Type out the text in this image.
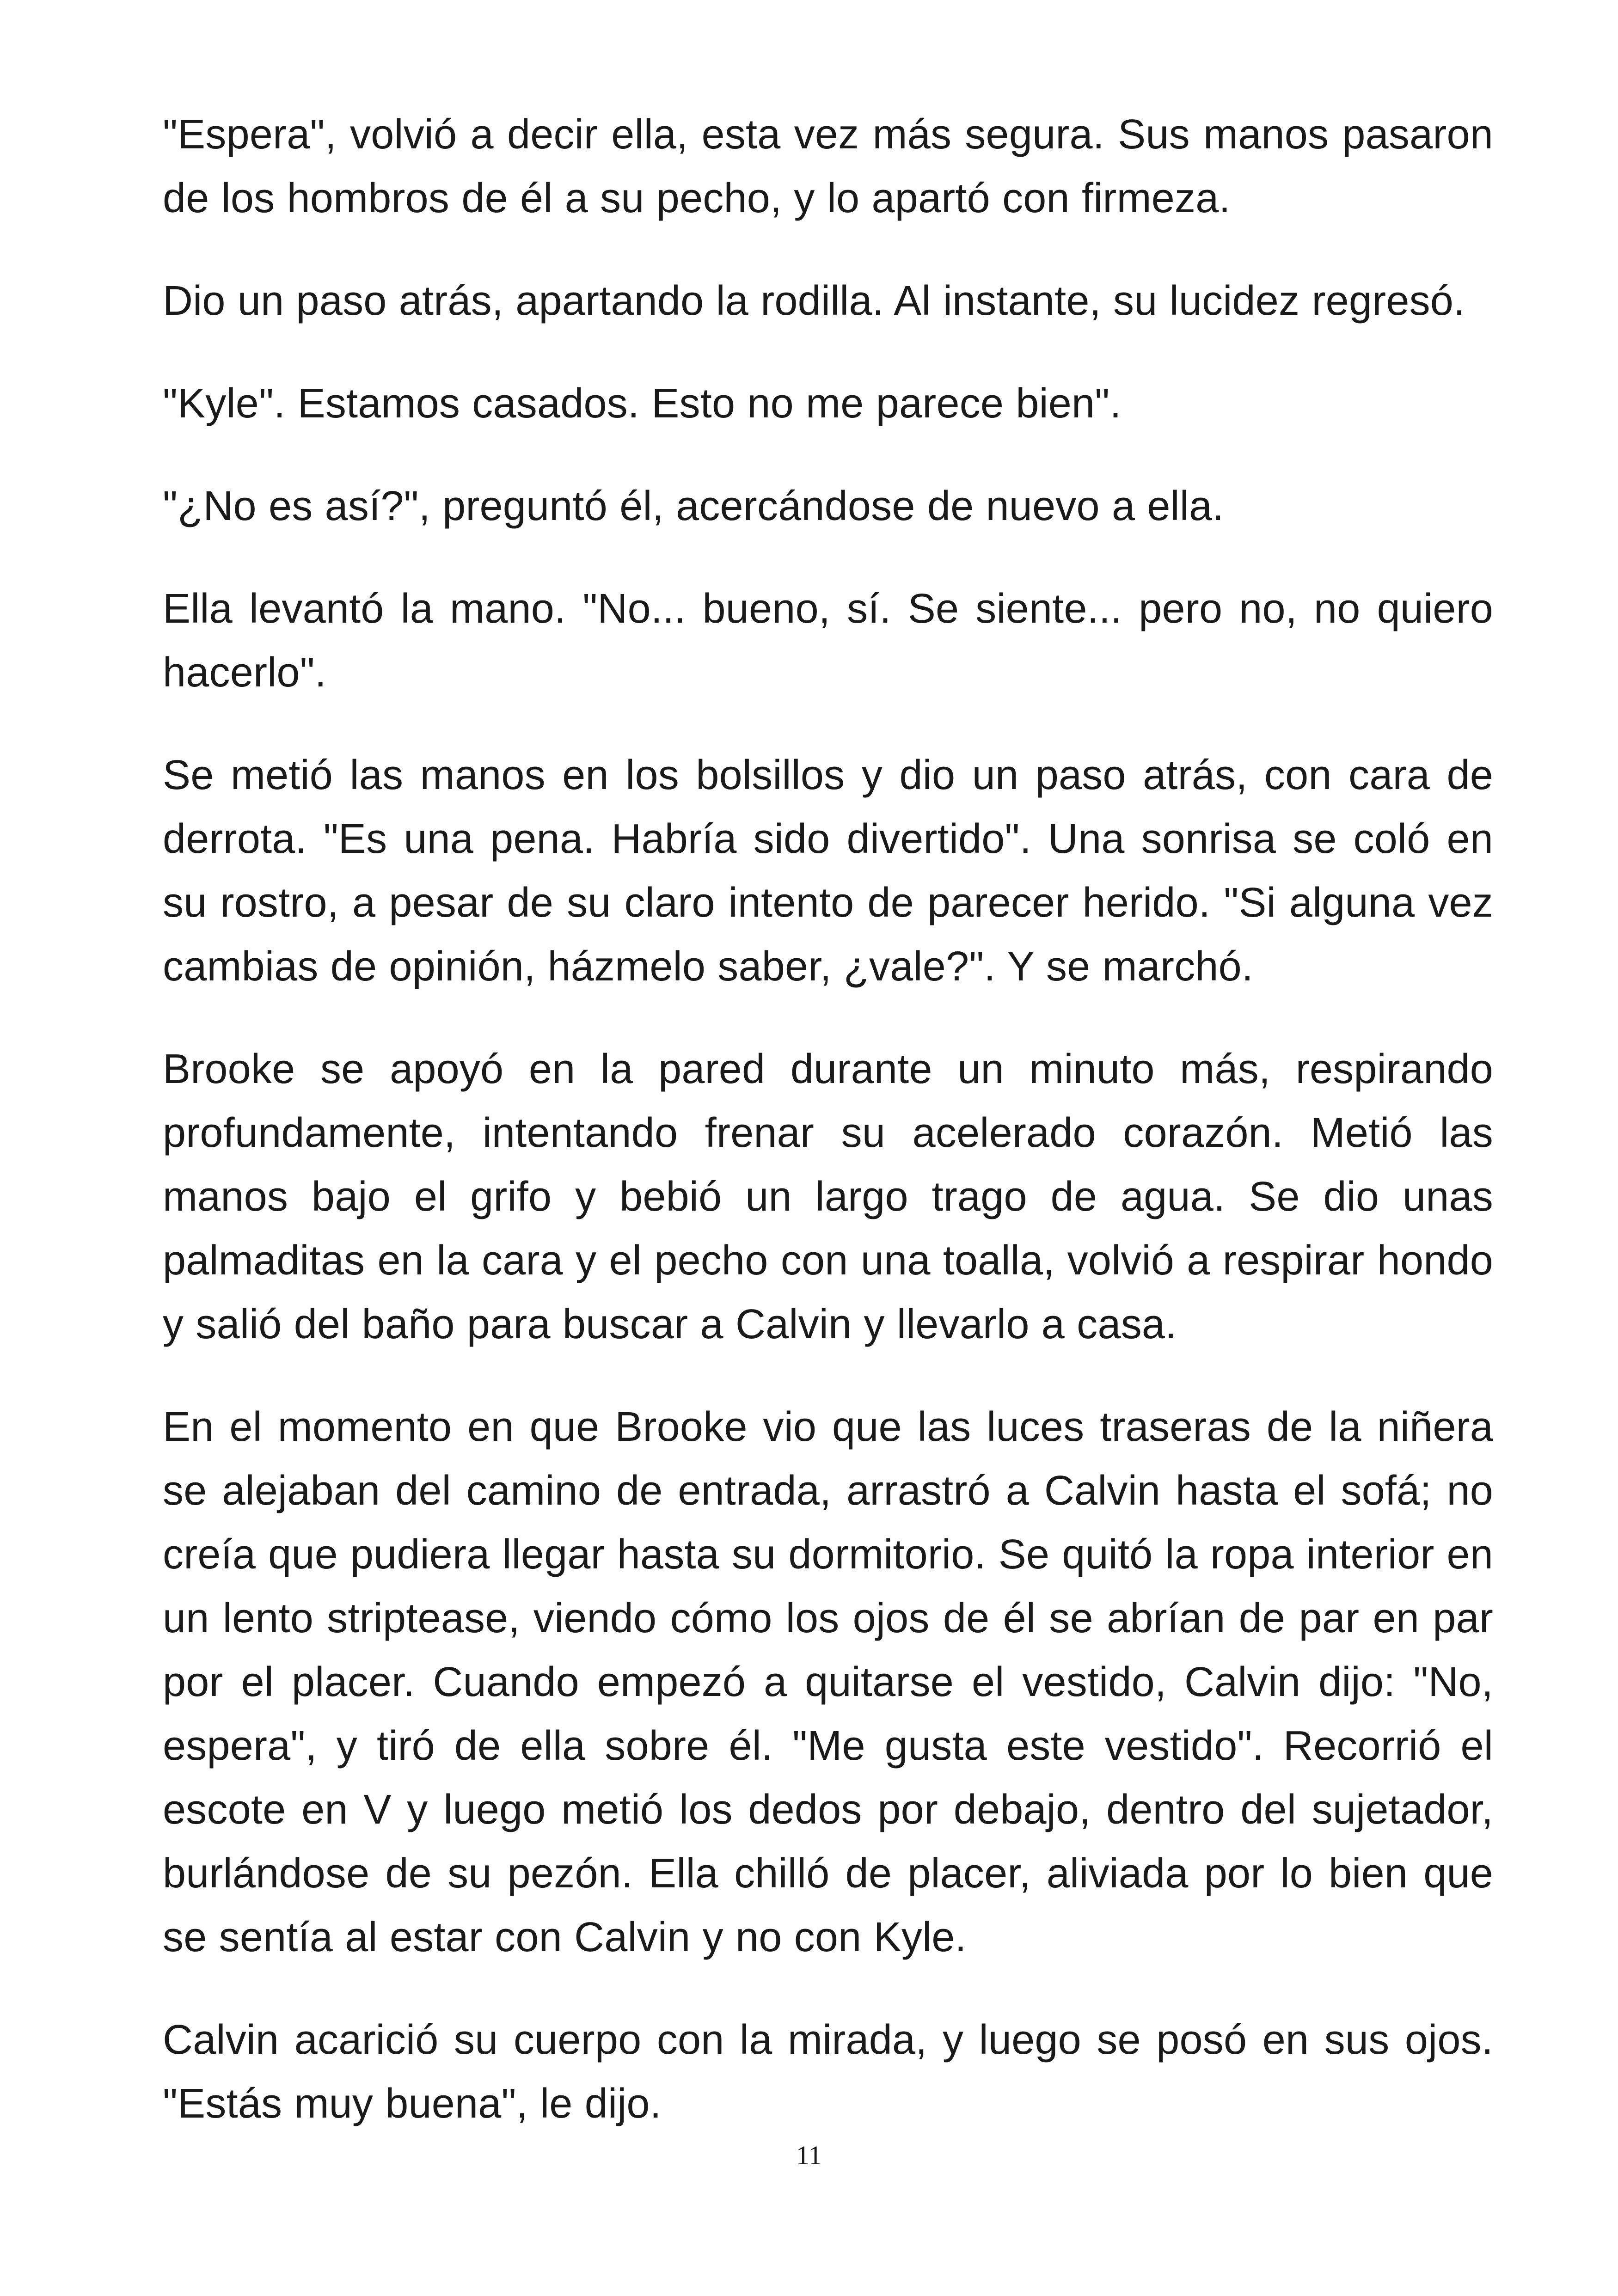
"Espera", volvió a decir ella, esta vez más segura. Sus manos pasaron de los hombros de él a su pecho, y lo apartó con firmeza.

Dio un paso atrás, apartando la rodilla. Al instante, su lucidez regresó.

"Kyle". Estamos casados. Esto no me parece bien".

"¿No es así?", preguntó él, acercándose de nuevo a ella.

Ella levantó la mano. "No... bueno, sí. Se siente... pero no, no quiero hacerlo".

Se metió las manos en los bolsillos y dio un paso atrás, con cara de derrota. "Es una pena. Habría sido divertido". Una sonrisa se coló en su rostro, a pesar de su claro intento de parecer herido. "Si alguna vez cambias de opinión, házmelo saber, ¿vale?". Y se marchó.

Brooke se apoyó en la pared durante un minuto más, respirando profundamente, intentando frenar su acelerado corazón. Metió las manos bajo el grifo y bebió un largo trago de agua. Se dio unas palmaditas en la cara y el pecho con una toalla, volvió a respirar hondo y salió del baño para buscar a Calvin y llevarlo a casa.

En el momento en que Brooke vio que las luces traseras de la niñera se alejaban del camino de entrada, arrastró a Calvin hasta el sofá; no creía que pudiera llegar hasta su dormitorio. Se quitó la ropa interior en un lento striptease, viendo cómo los ojos de él se abrían de par en par por el placer. Cuando empezó a quitarse el vestido, Calvin dijo: "No, espera", y tiró de ella sobre él. "Me gusta este vestido". Recorrió el escote en V y luego metió los dedos por debajo, dentro del sujetador, burlándose de su pezón. Ella chilló de placer, aliviada por lo bien que se sentía al estar con Calvin y no con Kyle.

Calvin acarició su cuerpo con la mirada, y luego se posó en sus ojos. "Estás muy buena", le dijo.

11
